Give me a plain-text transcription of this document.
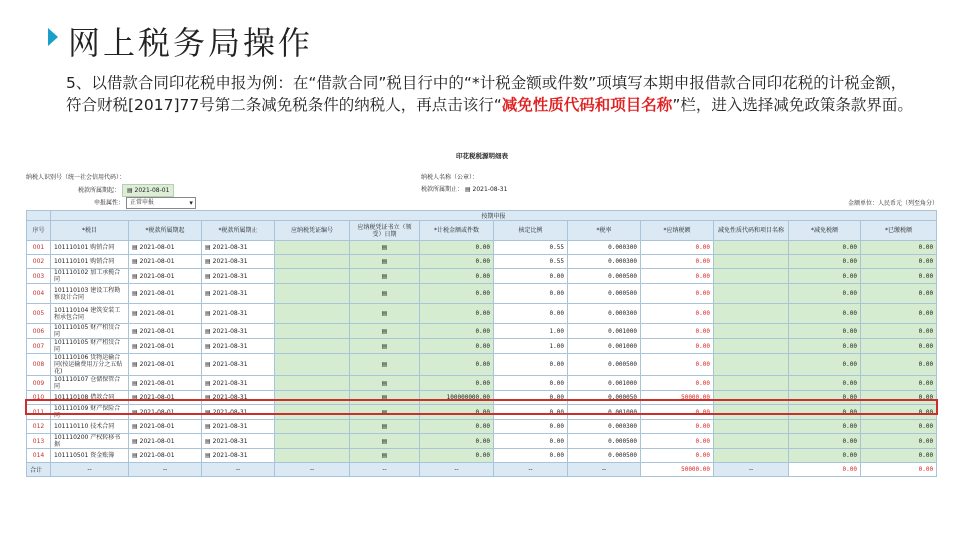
网上税务局操作
5、以借款合同印花税申报为例：在“借款合同”税目行中的“*计税金额或件数”项填写本期申报借款合同印花税的计税金额，符合财税[2017]77号第二条减免税条件的纳税人，再点击该行“减免性质代码和项目名称”栏，进入选择减免政策条款界面。
印花税税源明细表
纳税人识别号（统一社会信用代码）：	纳税人名称（公章）：
税款所属期起： ▤ 2021-08-01	税款所属期止： ▤ 2021-08-31
申报属性： 正常申报 ▾	金额单位：人民币元（列至角分）
	按期申报											
序号	*税目	*税款所属期起	*税款所属期止	应纳税凭证编号	应纳税凭证书立（领受）日期	*计税金额或件数	核定比例	*税率	*应纳税额	减免性质代码和项目名称	*减免税额	*已缴税额
001	101110101 购销合同	▤ 2021-08-01	▤ 2021-08-31		▤	0.00	0.55	0.000300	0.00		0.00	0.00
002	101110101 购销合同	▤ 2021-08-01	▤ 2021-08-31		▤	0.00	0.55	0.000300	0.00		0.00	0.00
003	101110102 加工承揽合同	▤ 2021-08-01	▤ 2021-08-31		▤	0.00	0.00	0.000500	0.00		0.00	0.00
004	101110103 建设工程勘察设计合同	▤ 2021-08-01	▤ 2021-08-31		▤	0.00	0.00	0.000500	0.00		0.00	0.00
005	101110104 建筑安装工程承包合同	▤ 2021-08-01	▤ 2021-08-31		▤	0.00	0.00	0.000300	0.00		0.00	0.00
006	101110105 财产租赁合同	▤ 2021-08-01	▤ 2021-08-31		▤	0.00	1.00	0.001000	0.00		0.00	0.00
007	101110105 财产租赁合同	▤ 2021-08-01	▤ 2021-08-31		▤	0.00	1.00	0.001000	0.00		0.00	0.00
008	101110106 货物运输合同(按运输费用万分之五贴花)	▤ 2021-08-01	▤ 2021-08-31		▤	0.00	0.00	0.000500	0.00		0.00	0.00
009	101110107 仓储保管合同	▤ 2021-08-01	▤ 2021-08-31		▤	0.00	0.00	0.001000	0.00		0.00	0.00
010	101110108 借款合同	▤ 2021-08-01	▤ 2021-08-31		▤	100000000.00	0.00	0.000050	50000.00		0.00	0.00
011	101110109 财产保险合同	▤ 2021-08-01	▤ 2021-08-31		▤	0.00	0.00	0.001000	0.00		0.00	0.00
012	101110110 技术合同	▤ 2021-08-01	▤ 2021-08-31		▤	0.00	0.00	0.000300	0.00		0.00	0.00
013	101110200 产权转移书据	▤ 2021-08-01	▤ 2021-08-31		▤	0.00	0.00	0.000500	0.00		0.00	0.00
014	101110501 资金账簿	▤ 2021-08-01	▤ 2021-08-31		▤	0.00	0.00	0.000500	0.00		0.00	0.00
合计	--	--	--	--	--	--	--	--	50000.00	--	0.00	0.00
